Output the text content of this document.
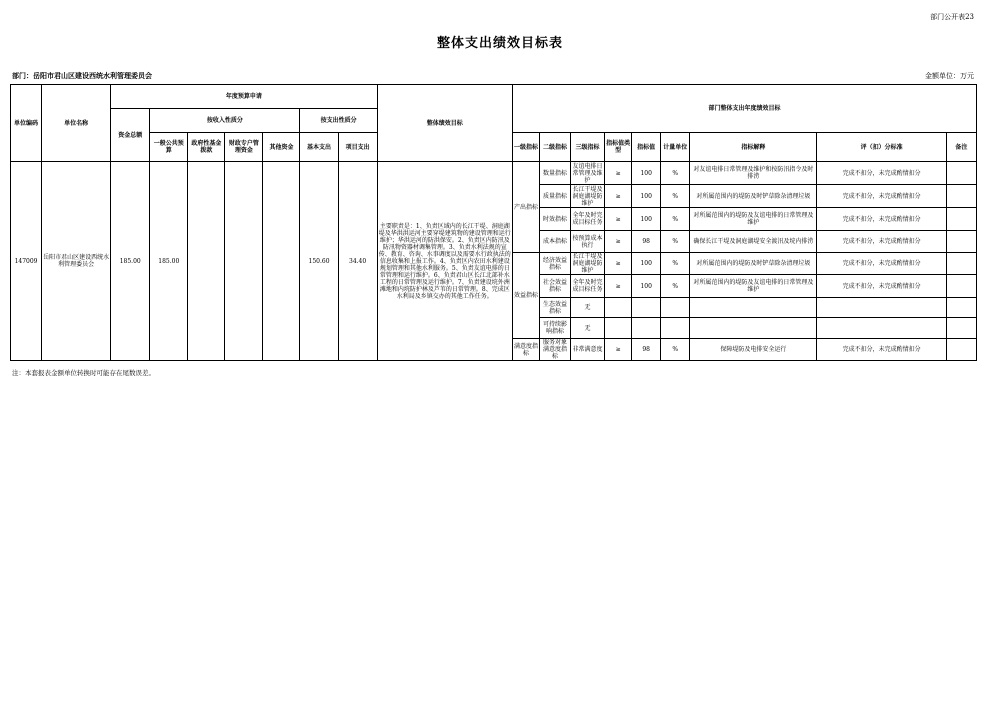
部门公开表23
整体支出绩效目标表
部门：岳阳市君山区建设西统水利管理委员会	金额单位：万元
单位编码	单位名称	年度预算申请							整体绩效目标	部门整体支出年度绩效目标								
		资金总额	按收入性质分				按支出性质分											
			一般公共预算	政府性基金拨款	财政专户管理资金	其他资金	基本支出	项目支出		一级指标	二级指标	三级指标	指标值类型	指标值	计量单位	指标解释	评（扣）分标准	备注
147009	岳阳市君山区建设西统水利管理委员会	185.00	185.00				150.60	34.40	主要职责是：1、负责区域内的长江干堤、洞庭湖堤及华洪洪运河主要穿堤建筑物的建设管理和运行维护；华洪运河的防洪保安。2、负责区内防汛及防汛物资器材调集管理。3、负责水利法规的宣传、教育、咨询、水事调度以及需要水行政执法的信息收集和上报工作。4、负责区内农田水利建设规划管理和其他水利服务。5、负责友谊电排的日常管理和运行维护。6、负责君山区长江北部补水工程的日常管理及运行维护。7、负责建设垸外洲滩地和内垸防护林及芦苇的日常管理。8、完成区水利局及乡镇交办的其他工作任务。	产出指标	数量指标	友谊电排日常管理及维护	≥	100	%	对友谊电排日常管理及维护和按防汛指令及时排涝	完成不扣分，未完成酌情扣分	
											质量指标	长江干堤及洞庭湖堤防维护	≥	100	%	对所属范围内的堤防及时铲草除杂清理垃圾	完成不扣分，未完成酌情扣分	
											时效指标	全年及时完成目标任务	≥	100	%	对所属范围内的堤防及友谊电排的日常管理及维护	完成不扣分，未完成酌情扣分	
											成本指标	按预算成本执行	≥	98	%	确保长江干堤及洞庭湖堤安全渡汛及垸内排涝	完成不扣分，未完成酌情扣分	
										效益指标	经济效益指标	长江干堤及洞庭湖堤防维护	≥	100	%	对所属范围内的堤防及时铲草除杂清理垃圾	完成不扣分，未完成酌情扣分	
											社会效益指标	全年及时完成目标任务	≥	100	%	对所属范围内的堤防及友谊电排的日常管理及维护	完成不扣分，未完成酌情扣分	
											生态效益指标	无						
											可持续影响指标	无						
										满意度指标	服务对象满意度指标	非常满意度	≥	98	%	保障堤防及电排安全运行	完成不扣分，未完成酌情扣分	
注：本套报表金额单位转换时可能存在尾数误差。
